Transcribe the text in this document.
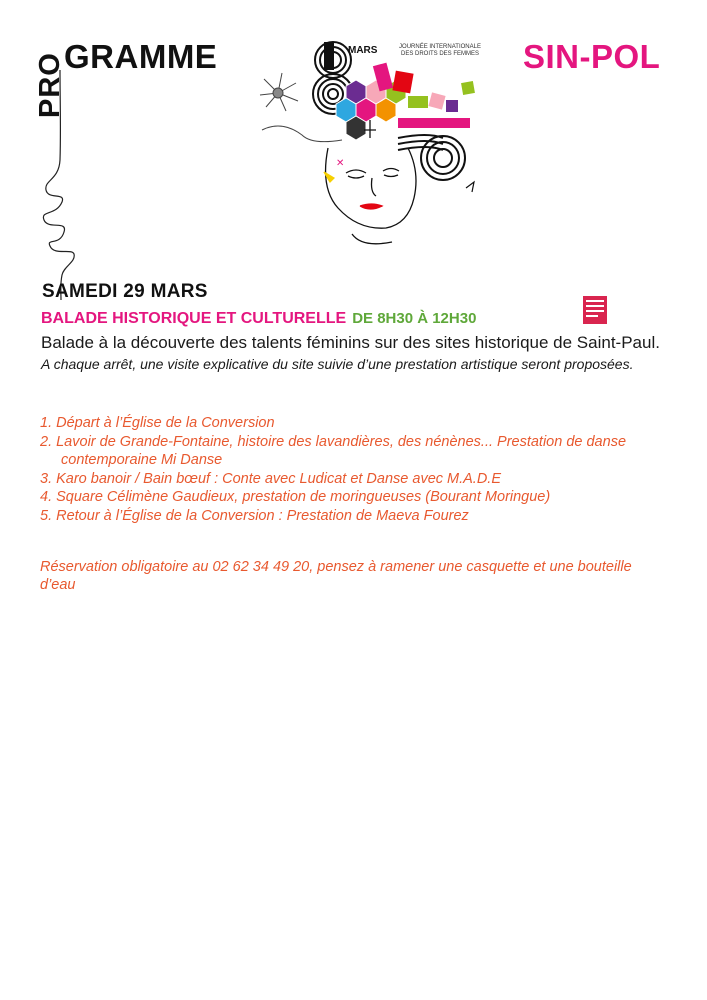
PRO
GRAMME	SIN-POL
✕
MARS	JOURNÉE INTERNATIONALE DES DROITS DES FEMMES
SAMEDI 29 MARS
BALADE HISTORIQUE ET CULTURELLE DE 8H30 À 12H30
Balade à la découverte des talents féminins sur des sites historique de Saint-Paul. A chaque arrêt, une visite explicative du site suivie d’une prestation artistique seront proposées.
1. Départ à l’Église de la Conversion
2. Lavoir de Grande-Fontaine, histoire des lavandières, des nénènes... Prestation de danse contemporaine Mi Danse
3. Karo banoir / Bain bœuf : Conte avec Ludicat et Danse avec M.A.D.E
4. Square Célimène Gaudieux, prestation de moringueuses (Bourant Moringue)
5. Retour à l’Église de la Conversion : Prestation de Maeva Fourez
Réservation obligatoire au 02 62 34 49 20, pensez à ramener une casquette et une bouteille d’eau
